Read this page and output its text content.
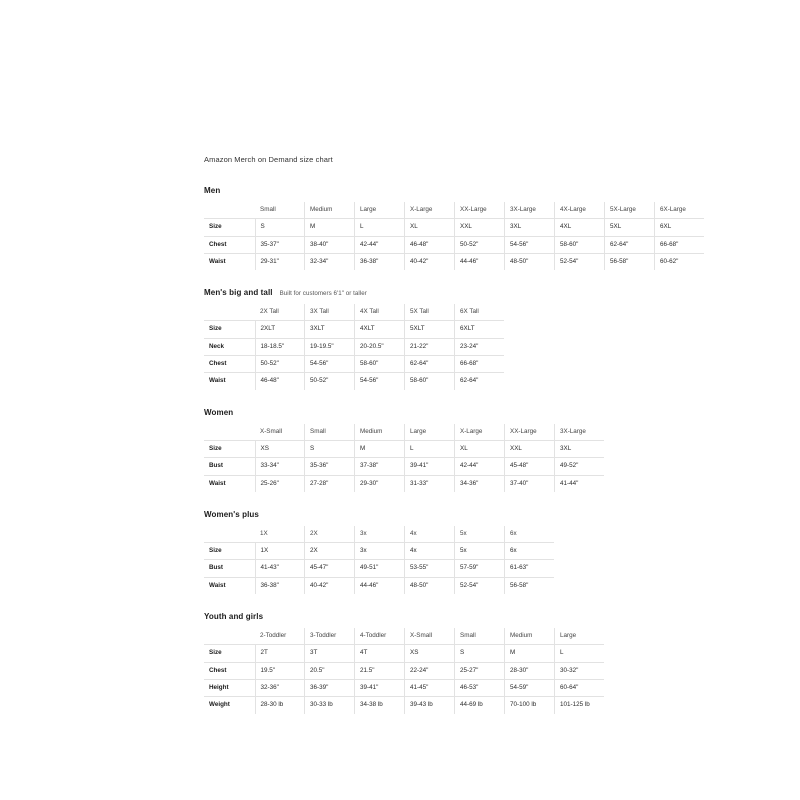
Amazon Merch on Demand size chart
Men
	Small	Medium	Large	X-Large	XX-Large	3X-Large	4X-Large	5X-Large	6X-Large
Size	S	M	L	XL	XXL	3XL	4XL	5XL	6XL
Chest	35-37"	38-40"	42-44"	46-48"	50-52"	54-56"	58-60"	62-64"	66-68"
Waist	29-31"	32-34"	36-38"	40-42"	44-46"	48-50"	52-54"	56-58"	60-62"
Men's big and tall Built for customers 6'1" or taller
	2X Tall	3X Tall	4X Tall	5X Tall	6X Tall
Size	2XLT	3XLT	4XLT	5XLT	6XLT
Neck	18-18.5"	19-19.5"	20-20.5"	21-22"	23-24"
Chest	50-52"	54-56"	58-60"	62-64"	66-68"
Waist	46-48"	50-52"	54-56"	58-60"	62-64"
Women
	X-Small	Small	Medium	Large	X-Large	XX-Large	3X-Large
Size	XS	S	M	L	XL	XXL	3XL
Bust	33-34"	35-36"	37-38"	39-41"	42-44"	45-48"	49-52"
Waist	25-26"	27-28"	29-30"	31-33"	34-36"	37-40"	41-44"
Women's plus
	1X	2X	3x	4x	5x	6x
Size	1X	2X	3x	4x	5x	6x
Bust	41-43"	45-47"	49-51"	53-55"	57-59"	61-63"
Waist	36-38"	40-42"	44-46"	48-50"	52-54"	56-58"
Youth and girls
	2-Toddler	3-Toddler	4-Toddler	X-Small	Small	Medium	Large
Size	2T	3T	4T	XS	S	M	L
Chest	19.5"	20.5"	21.5"	22-24"	25-27"	28-30"	30-32"
Height	32-36"	36-39"	39-41"	41-45"	46-53"	54-59"	60-64"
Weight	28-30 lb	30-33 lb	34-38 lb	39-43 lb	44-69 lb	70-100 lb	101-125 lb
